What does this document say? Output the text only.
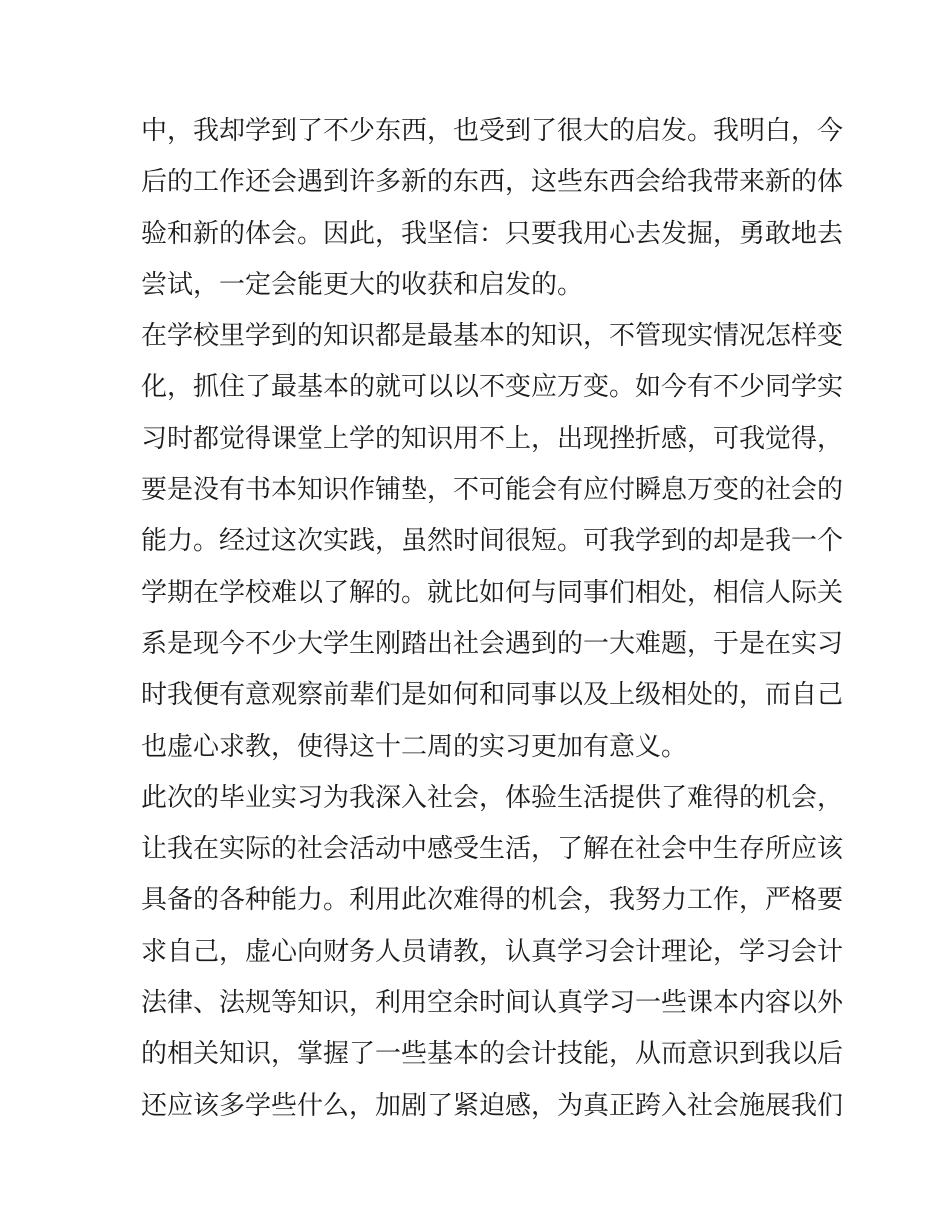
中，我却学到了不少东西，也受到了很大的启发。我明白，今
后的工作还会遇到许多新的东西，这些东西会给我带来新的体
验和新的体会。因此，我坚信：只要我用心去发掘，勇敢地去
尝试，一定会能更大的收获和启发的。
在学校里学到的知识都是最基本的知识，不管现实情况怎样变
化，抓住了最基本的就可以以不变应万变。如今有不少同学实
习时都觉得课堂上学的知识用不上，出现挫折感，可我觉得，
要是没有书本知识作铺垫，不可能会有应付瞬息万变的社会的
能力。经过这次实践，虽然时间很短。可我学到的却是我一个
学期在学校难以了解的。就比如何与同事们相处，相信人际关
系是现今不少大学生刚踏出社会遇到的一大难题，于是在实习
时我便有意观察前辈们是如何和同事以及上级相处的，而自己
也虚心求教，使得这十二周的实习更加有意义。
此次的毕业实习为我深入社会，体验生活提供了难得的机会，
让我在实际的社会活动中感受生活，了解在社会中生存所应该
具备的各种能力。利用此次难得的机会，我努力工作，严格要
求自己，虚心向财务人员请教，认真学习会计理论，学习会计
法律、法规等知识，利用空余时间认真学习一些课本内容以外
的相关知识，掌握了一些基本的会计技能，从而意识到我以后
还应该多学些什么，加剧了紧迫感，为真正跨入社会施展我们
